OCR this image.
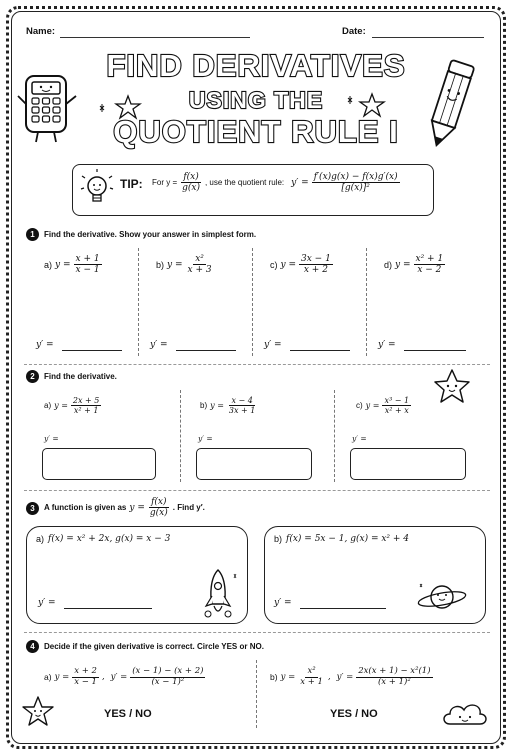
Name:	Date:
FIND DERIVATIVES
USING THE
QUOTIENT RULE I
TIP: For $y = \frac{f(x)}{g(x)}$ , use the quotient rule: $y' = \frac{f'(x)g(x) - f(x)g'(x)}{\text{[g(x)]²}}$
1	Find the derivative. Show your answer in simplest form.
a) $y = \frac{x + 1}{x - 1}$	b) $y = \frac{\text{x²}}{x + 3}$	c) $y = \frac{3x - 1}{x + 2}$	d) $y = \frac{\text{x² + 1}}{x - 2}$
y′ =	y′ =	y′ =	y′ =
2	Find the derivative.
a) $y = \frac{2x + 5}{\text{x² + 1}}$	b) $y = \frac{x - 4}{3x + 1}$	c) $y = \frac{\text{x³ − 1}}{\text{x² + x}}$
y′ =	y′ =	y′ =
3	A function is given as $y = \frac{f(x)}{g(x)}$ . Find y′.
a) f(x) = x² + 2x, g(x) = x − 3
y′ =
b) f(x) = 5x − 1, g(x) = x² + 4
y′ =
4	Decide if the given derivative is correct. Circle YES or NO.
a) $y = \frac{x + 2}{x - 1}$ , $y' = \frac{(x - 1) - (x + 2)}{\text{(x − 1)²}}$
YES / NO
b) $y = \frac{\text{x²}}{x + 1}$ , $y' = \frac{\text{2x(x + 1) − x²(1)}}{\text{(x + 1)²}}$
YES / NO
